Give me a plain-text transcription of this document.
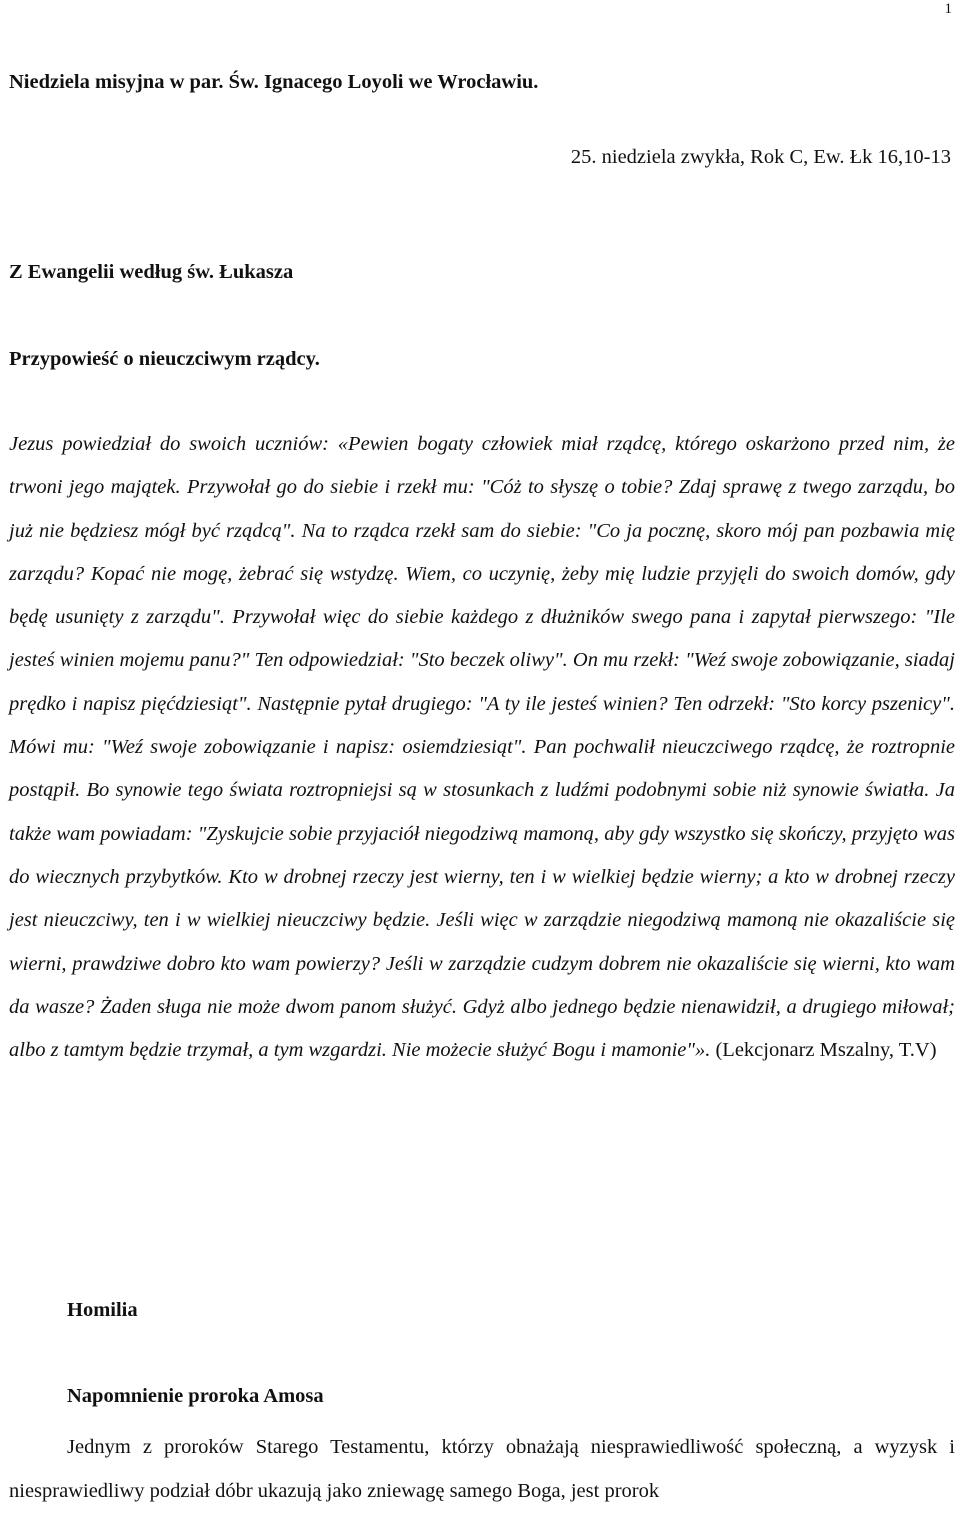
1
Niedziela misyjna w par. Św. Ignacego Loyoli we Wrocławiu.
25. niedziela zwykła, Rok C, Ew. Łk 16,10-13
Z Ewangelii według św. Łukasza
Przypowieść o nieuczciwym rządcy.
Jezus powiedział do swoich uczniów: «Pewien bogaty człowiek miał rządcę, którego oskarżono przed nim, że trwoni jego majątek. Przywołał go do siebie i rzekł mu: "Cóż to słyszę o tobie? Zdaj sprawę z twego zarządu, bo już nie będziesz mógł być rządcą". Na to rządca rzekł sam do siebie: "Co ja pocznę, skoro mój pan pozbawia mię zarządu? Kopać nie mogę, żebrać się wstydzę. Wiem, co uczynię, żeby mię ludzie przyjęli do swoich domów, gdy będę usunięty z zarządu". Przywołał więc do siebie każdego z dłużników swego pana i zapytał pierwszego: "Ile jesteś winien mojemu panu?" Ten odpowiedział: "Sto beczek oliwy". On mu rzekł: "Weź swoje zobowiązanie, siadaj prędko i napisz pięćdziesiąt". Następnie pytał drugiego: "A ty ile jesteś winien? Ten odrzekł: "Sto korcy pszenicy". Mówi mu: "Weź swoje zobowiązanie i napisz: osiemdziesiąt". Pan pochwalił nieuczciwego rządcę, że roztropnie postąpił. Bo synowie tego świata roztropniejsi są w stosunkach z ludźmi podobnymi sobie niż synowie światła. Ja także wam powiadam: "Zyskujcie sobie przyjaciół niegodziwą mamoną, aby gdy wszystko się skończy, przyjęto was do wiecznych przybytków. Kto w drobnej rzeczy jest wierny, ten i w wielkiej będzie wierny; a kto w drobnej rzeczy jest nieuczciwy, ten i w wielkiej nieuczciwy będzie. Jeśli więc w zarządzie niegodziwą mamoną nie okazaliście się wierni, prawdziwe dobro kto wam powierzy? Jeśli w zarządzie cudzym dobrem nie okazaliście się wierni, kto wam da wasze? Żaden sługa nie może dwom panom służyć. Gdyż albo jednego będzie nienawidził, a drugiego miłował; albo z tamtym będzie trzymał, a tym wzgardzi. Nie możecie służyć Bogu i mamonie"». (Lekcjonarz Mszalny, T.V)
Homilia
Napomnienie proroka Amosa
Jednym z proroków Starego Testamentu, którzy obnażają niesprawiedliwość społeczną, a wyzysk i niesprawiedliwy podział dóbr ukazują jako zniewagę samego Boga, jest prorok
